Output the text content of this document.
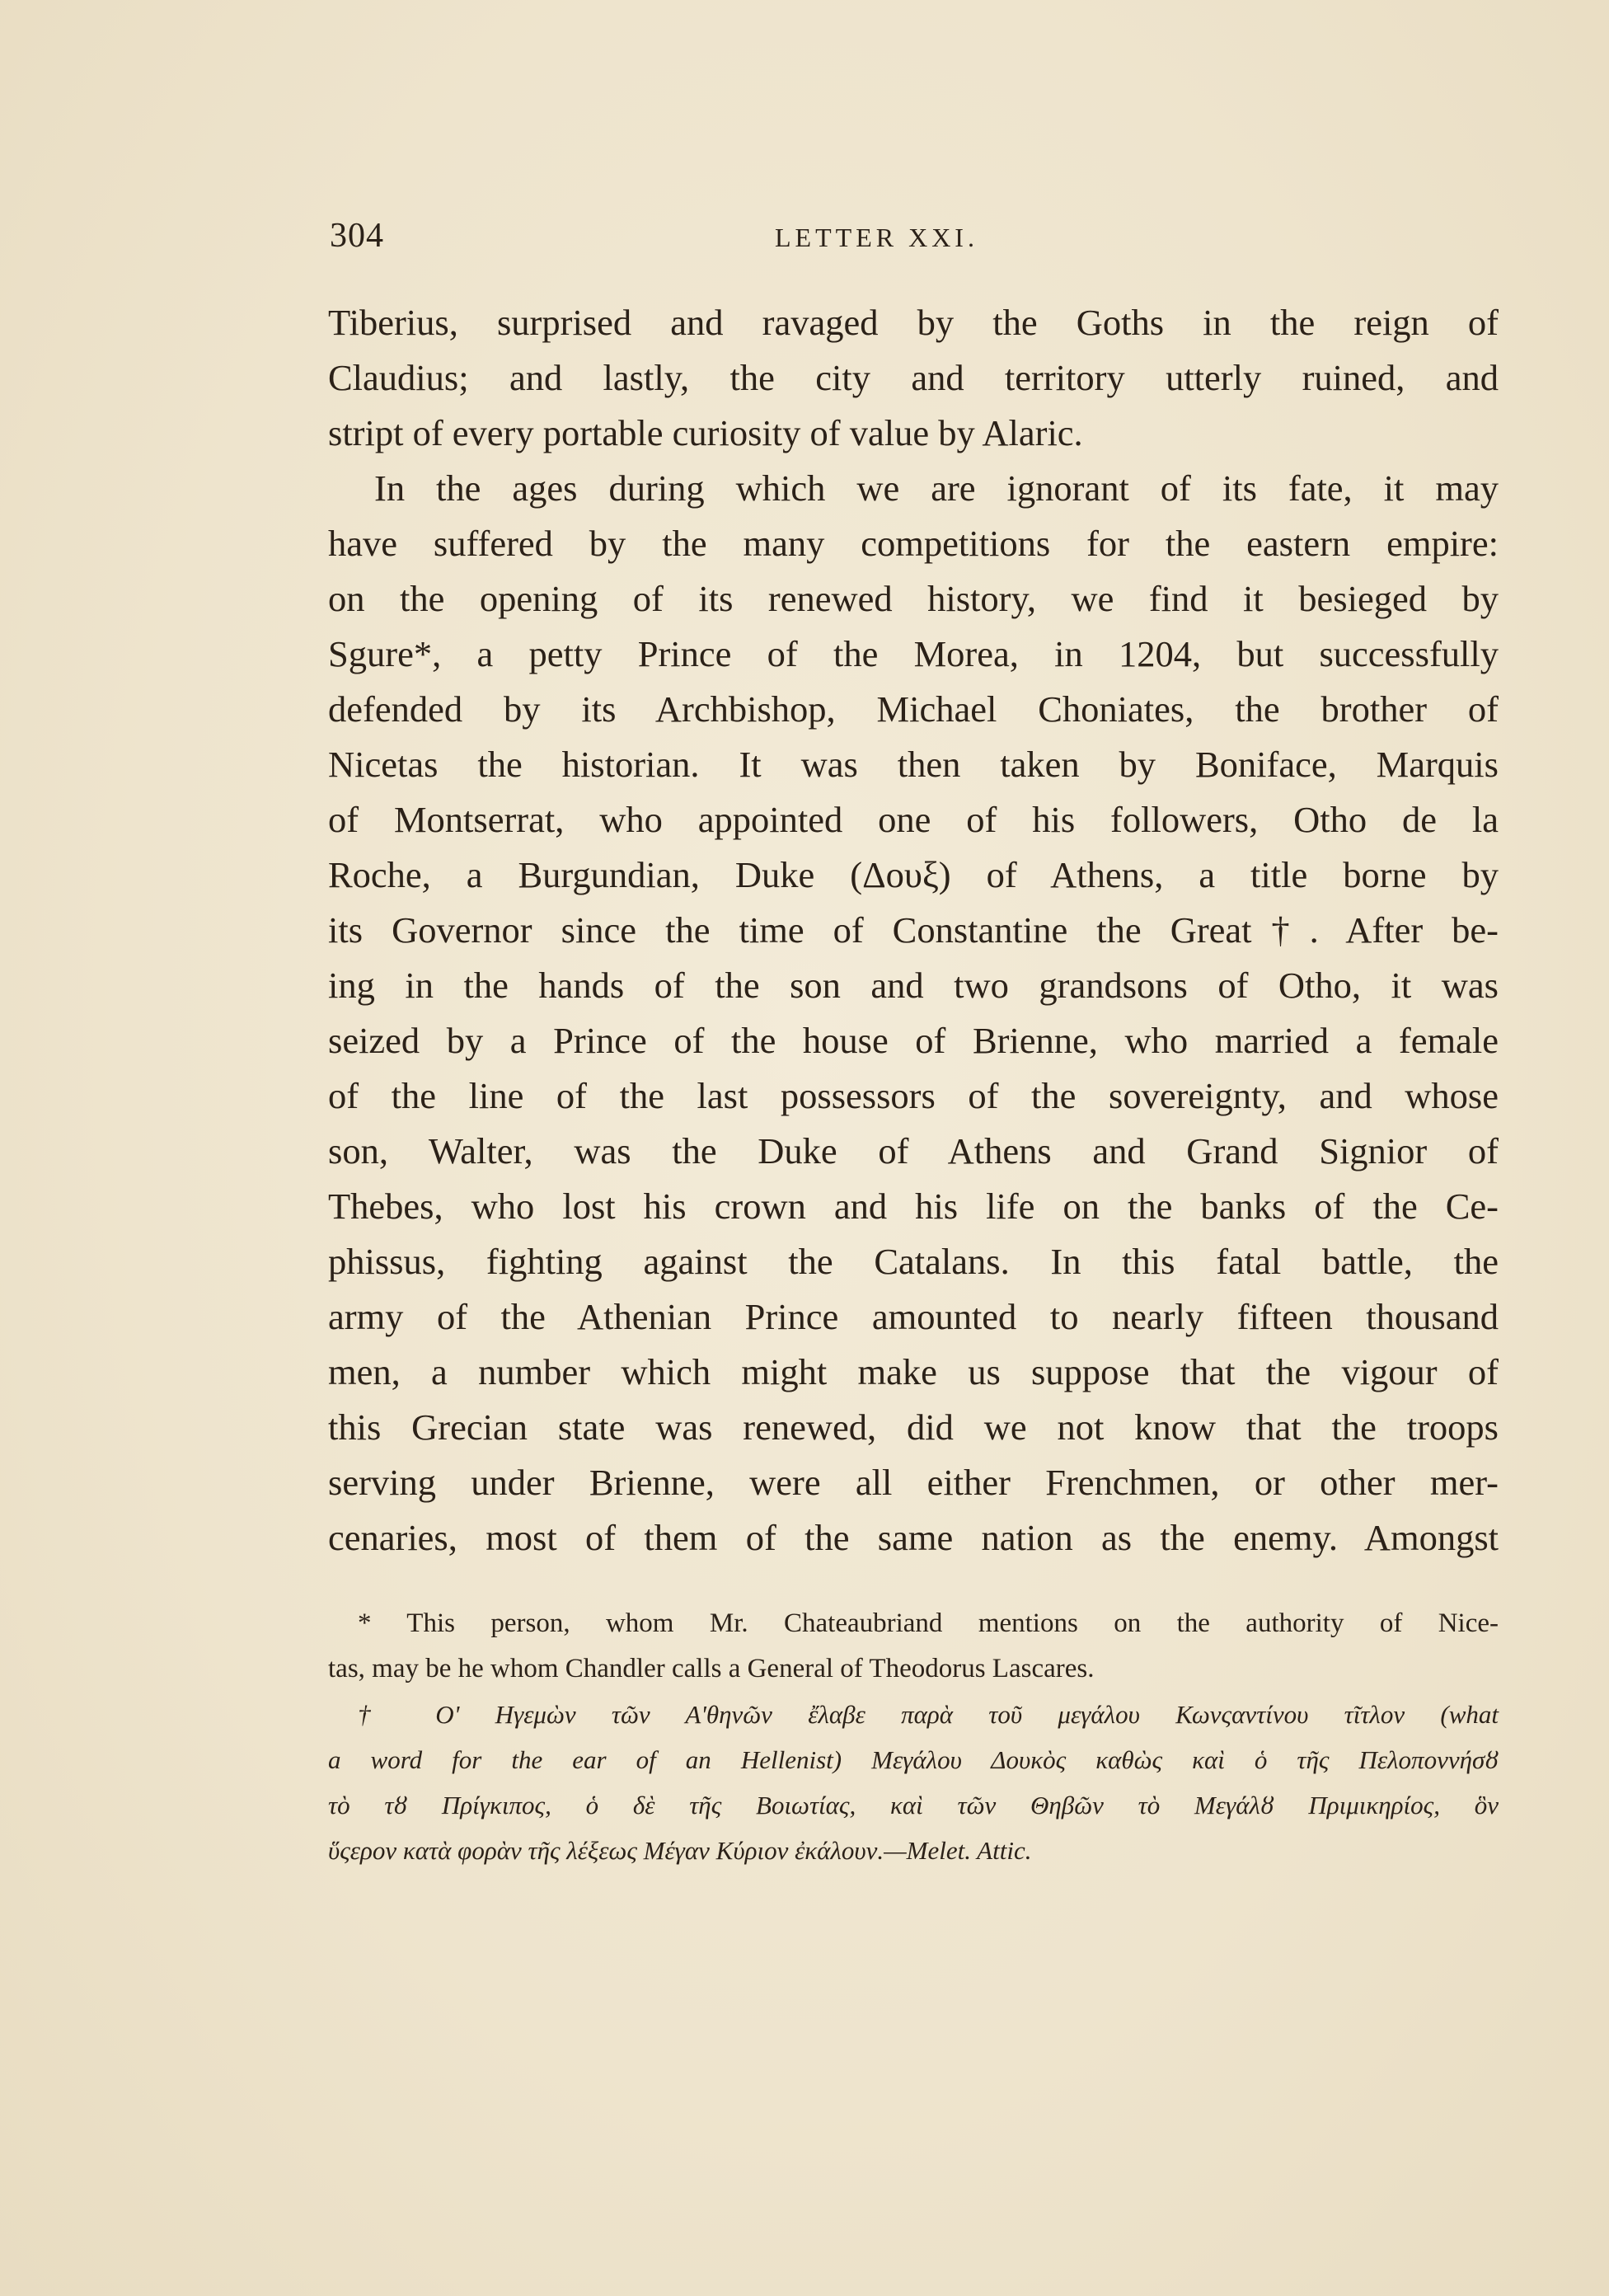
304	LETTER XXI.
Tiberius, surprised and ravaged by the Goths in the reign of
Claudius; and lastly, the city and territory utterly ruined, and
stript of every portable curiosity of value by Alaric.
In the ages during which we are ignorant of its fate, it may
have suffered by the many competitions for the eastern empire:
on the opening of its renewed history, we find it besieged by
Sgure*, a petty Prince of the Morea, in 1204, but successfully
defended by its Archbishop, Michael Choniates, the brother of
Nicetas the historian. It was then taken by Boniface, Marquis
of Montserrat, who appointed one of his followers, Otho de la
Roche, a Burgundian, Duke (Δουξ) of Athens, a title borne by
its Governor since the time of Constantine the Great†. After be-
ing in the hands of the son and two grandsons of Otho, it was
seized by a Prince of the house of Brienne, who married a female
of the line of the last possessors of the sovereignty, and whose
son, Walter, was the Duke of Athens and Grand Signior of
Thebes, who lost his crown and his life on the banks of the Ce-
phissus, fighting against the Catalans. In this fatal battle, the
army of the Athenian Prince amounted to nearly fifteen thousand
men, a number which might make us suppose that the vigour of
this Grecian state was renewed, did we not know that the troops
serving under Brienne, were all either Frenchmen, or other mer-
cenaries, most of them of the same nation as the enemy. Amongst
* This person, whom Mr. Chateaubriand mentions on the authority of Nice-
tas, may be he whom Chandler calls a General of Theodorus Lascares.
† Ο' Ηγεμὼν τῶν Α'θηνῶν ἔλαβε παρὰ τοῦ μεγάλου Κωνςαντίνου τῖτλον (what
a word for the ear of an Hellenist) Μεγάλου Δουκὸς καθὼς καὶ ὁ τῆς Πελοποννήσȣ
τὸ τȣ Πρίγκιπος, ὁ δὲ τῆς Βοιωτίας, καὶ τῶν Θηβῶν τὸ Μεγάλȣ Πριμικηρίος, ὃν
ὕςερον κατὰ φορὰν τῆς λέξεως Μέγαν Κύριον ἐκάλουν.—Melet. Attic.
